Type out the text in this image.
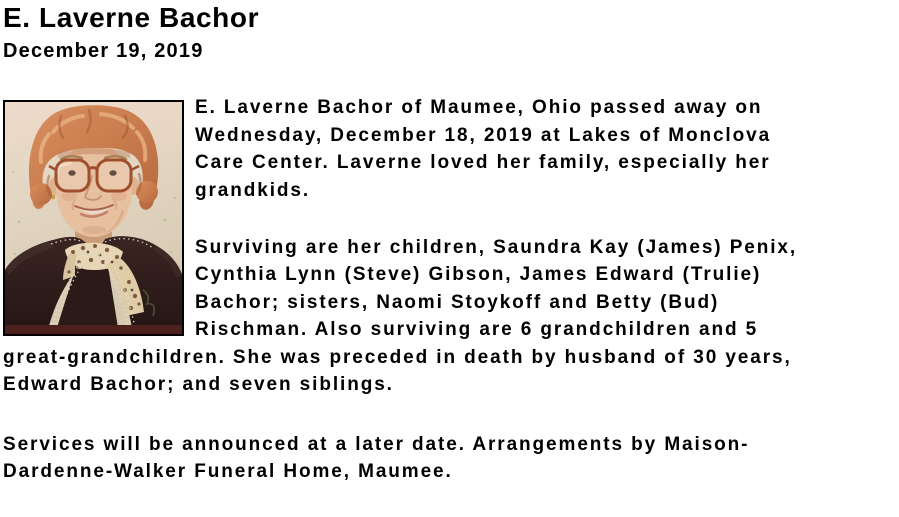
E. Laverne Bachor
December 19, 2019
E. Laverne Bachor of Maumee, Ohio passed away on
Wednesday, December 18, 2019 at Lakes of Monclova
Care Center. Laverne loved her family, especially her
grandkids.
Surviving are her children, Saundra Kay (James) Penix,
Cynthia Lynn (Steve) Gibson, James Edward (Trulie)
Bachor; sisters, Naomi Stoykoff and Betty (Bud)
Rischman. Also surviving are 6 grandchildren and 5
great-grandchildren. She was preceded in death by husband of 30 years,
Edward Bachor; and seven siblings.
Services will be announced at a later date. Arrangements by Maison-
Dardenne-Walker Funeral Home, Maumee.
